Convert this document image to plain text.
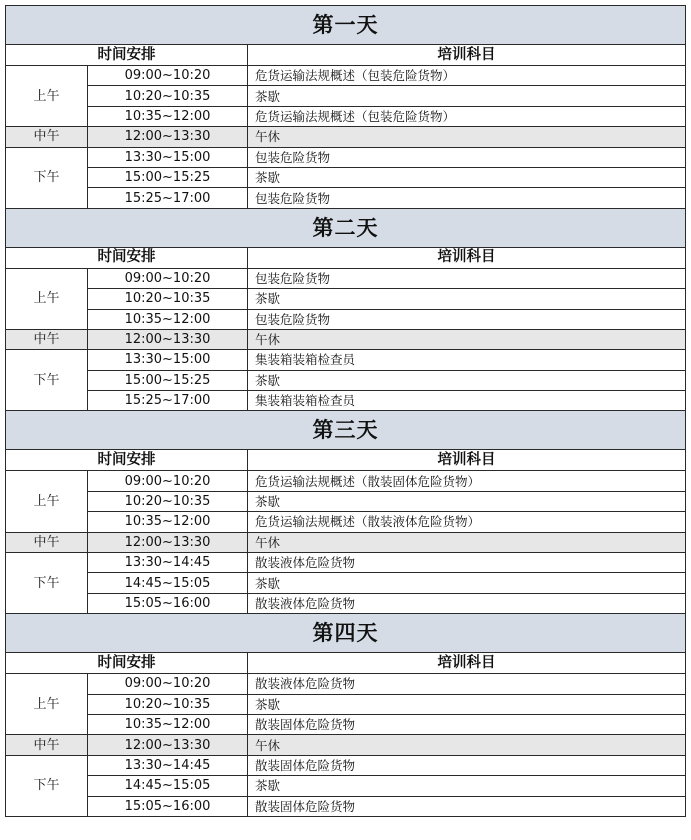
第一天		
时间安排		培训科目
上午	09:00~10:20	危货运输法规概述（包装危险货物）
	10:20~10:35	茶歇
	10:35~12:00	危货运输法规概述（包装危险货物）
中午	12:00~13:30	午休
下午	13:30~15:00	包装危险货物
	15:00~15:25	茶歇
	15:25~17:00	包装危险货物
第二天		
时间安排		培训科目
上午	09:00~10:20	包装危险货物
	10:20~10:35	茶歇
	10:35~12:00	包装危险货物
中午	12:00~13:30	午休
下午	13:30~15:00	集装箱装箱检查员
	15:00~15:25	茶歇
	15:25~17:00	集装箱装箱检查员
第三天		
时间安排		培训科目
上午	09:00~10:20	危货运输法规概述（散装固体危险货物）
	10:20~10:35	茶歇
	10:35~12:00	危货运输法规概述（散装液体危险货物）
中午	12:00~13:30	午休
下午	13:30~14:45	散装液体危险货物
	14:45~15:05	茶歇
	15:05~16:00	散装液体危险货物
第四天		
时间安排		培训科目
上午	09:00~10:20	散装液体危险货物
	10:20~10:35	茶歇
	10:35~12:00	散装固体危险货物
中午	12:00~13:30	午休
下午	13:30~14:45	散装固体危险货物
	14:45~15:05	茶歇
	15:05~16:00	散装固体危险货物
